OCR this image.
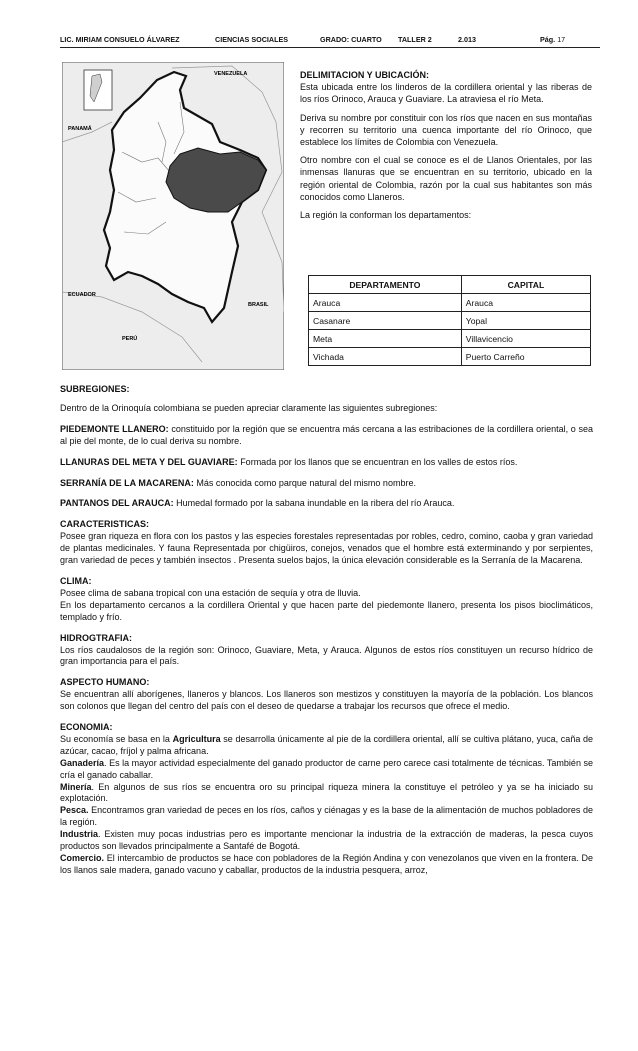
LIC. MIRIAM CONSUELO ÁLVAREZ	CIENCIAS SOCIALES	GRADO: CUARTO TALLER 2	2.013	Pág. 17
VENEZUELA
PANAMÁ
ECUADOR
BRASIL
PERÚ

DELIMITACION Y UBICACIÓN:

Esta ubicada entre los linderos de la cordillera oriental y las riberas de los ríos Orinoco, Arauca y Guaviare. La atraviesa el río Meta.

Deriva su nombre por constituir con los ríos que nacen en sus montañas y recorren su territorio una cuenca importante del río Orinoco, que establece los límites de Colombia con Venezuela.

Otro nombre con el cual se conoce es el de Llanos Orientales, por las inmensas llanuras que se encuentran en su territorio, ubicado en la región oriental de Colombia, razón por la cual sus habitantes son más conocidos como Llaneros.

La región la conforman los departamentos:

DEPARTAMENTO	CAPITAL
Arauca	Arauca
Casanare	Yopal
Meta	Villavicencio
Vichada	Puerto Carreño

SUBREGIONES:

Dentro de la Orinoquía colombiana se pueden apreciar claramente las siguientes subregiones:

PIEDEMONTE LLANERO: constituido por la región que se encuentra más cercana a las estribaciones de la cordillera oriental, o sea al pie del monte, de lo cual deriva su nombre.

LLANURAS DEL META Y DEL GUAVIARE: Formada por los llanos que se encuentran en los valles de estos ríos.

SERRANÍA DE LA MACARENA: Más conocida como parque natural del mismo nombre.

PANTANOS DEL ARAUCA: Humedal formado por la sabana inundable en la ribera del río Arauca.

CARACTERISTICAS:

Posee gran riqueza en flora con los pastos y las especies forestales representadas por robles, cedro, comino, caoba y gran variedad de plantas medicinales. Y fauna Representada por chigüiros, conejos, venados que el hombre está exterminando y por serpientes, gran variedad de peces y también insectos . Presenta suelos bajos, la única elevación considerable es la Serranía de la Macarena.

CLIMA:

Posee clima de sabana tropical con una estación de sequía y otra de lluvia.

En los departamento cercanos a la cordillera Oriental y que hacen parte del piedemonte llanero, presenta los pisos bioclimáticos, templado y frío.

HIDROGTRAFIA:

Los ríos caudalosos de la región son: Orinoco, Guaviare, Meta, y Arauca. Algunos de estos ríos constituyen un recurso hídrico de gran importancia para el país.

ASPECTO HUMANO:

Se encuentran allí aborígenes, llaneros y blancos. Los llaneros son mestizos y constituyen la mayoría de la población. Los blancos son colonos que llegan del centro del país con el deseo de quedarse a trabajar los recursos que ofrece el medio.

ECONOMIA:

Su economía se basa en la Agricultura se desarrolla únicamente al pie de la cordillera oriental, allí se cultiva plátano, yuca, caña de azúcar, cacao, fríjol y palma africana.

Ganadería. Es la mayor actividad especialmente del ganado productor de carne pero carece casi totalmente de técnicas. También se cría el ganado caballar.

Minería. En algunos de sus ríos se encuentra oro su principal riqueza minera la constituye el petróleo y ya se ha iniciado su explotación.

Pesca. Encontramos gran variedad de peces en los ríos, caños y ciénagas y es la base de la alimentación de muchos pobladores de la región.

Industria. Existen muy pocas industrias pero es importante mencionar la industria de la extracción de maderas, la pesca cuyos productos son llevados principalmente a Santafé de Bogotá.

Comercio. El intercambio de productos se hace con pobladores de la Región Andina y con venezolanos que viven en la frontera. De los llanos sale madera, ganado vacuno y caballar, productos de la industria pesquera, arroz,
